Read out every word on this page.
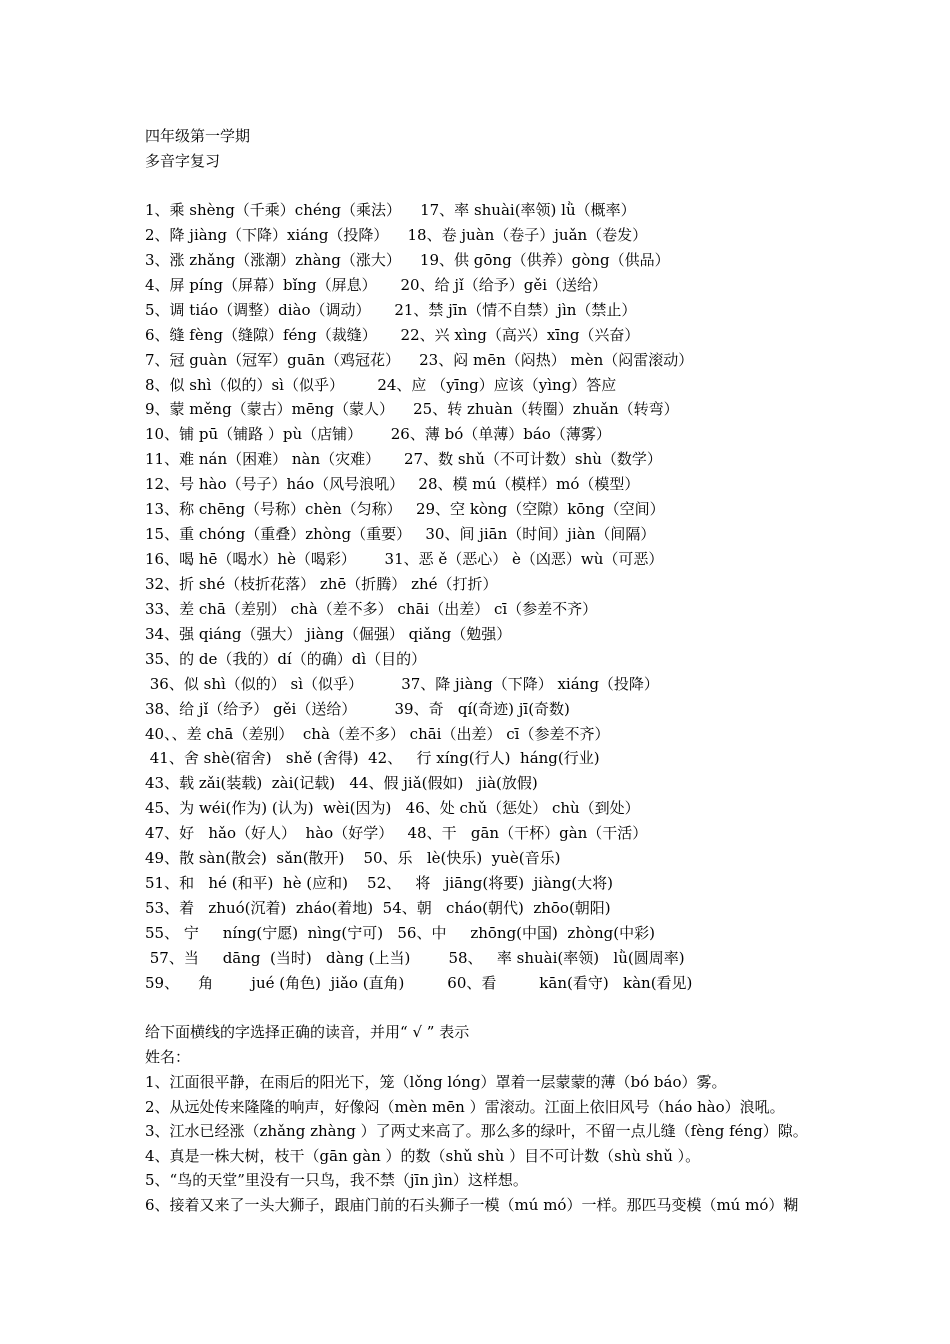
四年级第一学期
多音字复习
1、乘 shèng（千乘）chéng（乘法）    17、率 shuài(率领) lǜ（概率）
2、降 jiàng（下降）xiáng（投降）    18、卷 juàn（卷子）juǎn（卷发）
3、涨 zhǎng（涨潮）zhàng（涨大）    19、供 gōng（供养）gòng（供品）
4、屏 píng（屏幕）bǐng（屏息）     20、给 jǐ（给予）gěi（送给）
5、调 tiáo（调整）diào（调动）     21、禁 jīn（情不自禁）jìn（禁止）
6、缝 fèng（缝隙）féng（裁缝）     22、兴 xìng（高兴）xīng（兴奋）
7、冠 guàn（冠军）guān（鸡冠花）    23、闷 mēn（闷热） mèn（闷雷滚动）
8、似 shì（似的）sì（似乎）       24、应 （yīng）应该（yìng）答应
9、蒙 měng（蒙古）mēng（蒙人）    25、转 zhuàn（转圈）zhuǎn（转弯）
10、铺 pū（铺路 ）pù（店铺）      26、薄 bó（单薄）báo（薄雾）
11、难 nán（困难） nàn（灾难）     27、数 shǔ（不可计数）shù（数学）
12、号 hào（号子）háo（风号浪吼）   28、模 mú（模样）mó（模型）
13、称 chēng（号称）chèn（匀称）   29、空 kòng（空隙）kōng（空间）
15、重 chóng（重叠）zhòng（重要）   30、间 jiān（时间）jiàn（间隔）
16、喝 hē（喝水）hè（喝彩）      31、恶 ě（恶心） è（凶恶）wù（可恶）
32、折 shé（枝折花落） zhē（折腾） zhé（打折）
33、差 chā（差别） chà（差不多） chāi（出差） cī（参差不齐）
34、强 qiáng（强大） jiàng（倔强） qiǎng（勉强）
35、的 de（我的）dí（的确）dì（目的）
36、似 shì（似的） sì（似乎）        37、降 jiàng（下降） xiáng（投降）
38、给 jǐ（给予） gěi（送给）        39、奇   qí(奇迹) jī(奇数)
40、、差 chā（差别）  chà（差不多） chāi（出差） cī（参差不齐）
41、舍 shè(宿舍)   shě (舍得)  42、   行 xíng(行人)  háng(行业)
43、载 zǎi(装载)  zài(记载)   44、假 jiǎ(假如)   jià(放假)
45、为 wéi(作为) (认为)  wèi(因为)   46、处 chǔ（惩处） chù（到处）
47、好   hǎo（好人）  hào（好学）   48、干   gān（干杯）gàn（干活）
49、散 sàn(散会)  sǎn(散开)    50、乐   lè(快乐)  yuè(音乐)
51、和   hé (和平)  hè (应和)    52、   将   jiāng(将要)  jiàng(大将)
53、着   zhuó(沉着)  zháo(着地)  54、朝   cháo(朝代)  zhōo(朝阳)
55、 宁     níng(宁愿)  nìng(宁可)   56、中     zhōng(中国)  zhòng(中彩)
57、当     dāng  (当时)   dàng (上当)        58、   率 shuài(率领)   lǜ(圆周率)
59、    角        jué (角色)  jiǎo (直角)         60、看         kān(看守)   kàn(看见)
给下面横线的字选择正确的读音，并用“ √ ” 表示
姓名：
1、江面很平静，在雨后的阳光下，笼（lǒng lóng）罩着一层蒙蒙的薄（bó báo）雾。
2、从远处传来隆隆的响声，好像闷（mèn mēn ）雷滚动。江面上依旧风号（háo hào）浪吼。
3、江水已经涨（zhǎng zhàng ）了两丈来高了。那么多的绿叶，不留一点儿缝（fèng féng）隙。
4、真是一株大树，枝干（gān gàn ）的数（shǔ shù ）目不可计数（shù shǔ ）。
5、“鸟的天堂”里没有一只鸟，我不禁（jīn jìn）这样想。
6、接着又来了一头大狮子，跟庙门前的石头狮子一模（mú mó）一样。那匹马变模（mú mó）糊
